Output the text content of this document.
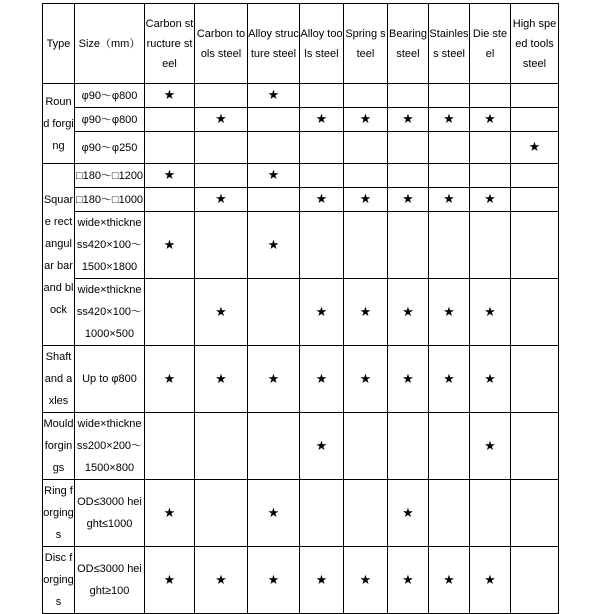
Type	Size（mm）	Carbon structure steel	Carbon tools steel	Alloy structure steel	Alloy tools steel	Spring steel	Bearing steel	Stainless steel	Die steel	High speed tools steel
Round forging	φ90～φ800	★		★						
	φ90～φ800		★		★	★	★	★	★	
	φ90～φ250									★
Square rectangular bar and block	□180～□1200	★		★						
	□180～□1000		★		★	★	★	★	★	
	wide×thickness420×100～1500×1800	★		★						
	wide×thickness420×100～1000×500		★		★	★	★	★	★	
Shaft and axles	Up to φ800	★	★	★	★	★	★	★	★	
Mould forgings	wide×thickness200×200～1500×800				★				★	
Ring forgings	OD≤3000 height≤1000	★		★			★			
Disc forgings	OD≤3000 height≥100	★	★	★	★	★	★	★	★	
